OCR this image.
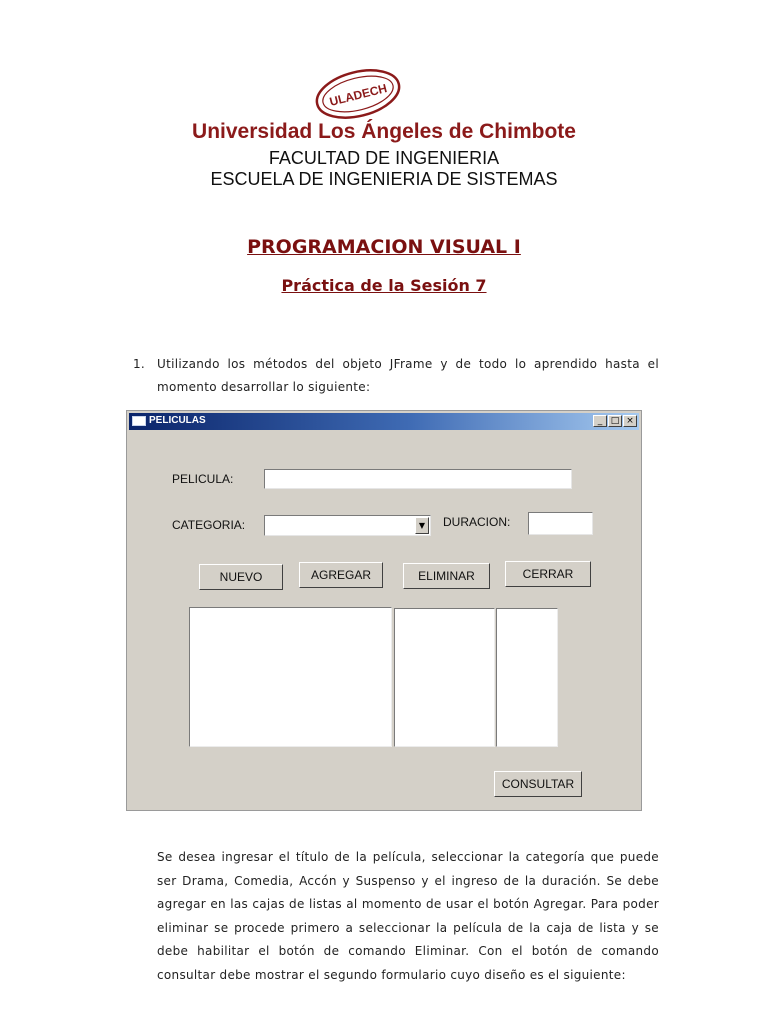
ULADECH
Universidad Los Ángeles de Chimbote
FACULTAD DE INGENIERIA
ESCUELA DE INGENIERIA DE SISTEMAS
PROGRAMACION VISUAL I
Práctica de la Sesión 7
1. Utilizando los métodos del objeto JFrame y de todo lo aprendido hasta el momento desarrollar lo siguiente:
PELICULAS	_ □ ×
PELICULA:
CATEGORIA:	▼	DURACION:
NUEVO	AGREGAR	ELIMINAR	CERRAR
CONSULTAR
Se desea ingresar el título de la película, seleccionar la categoría que puede ser Drama, Comedia, Accón y Suspenso y el ingreso de la duración. Se debe agregar en las cajas de listas al momento de usar el botón Agregar. Para poder eliminar se procede primero a seleccionar la película de la caja de lista y se debe habilitar el botón de comando Eliminar. Con el botón de comando consultar debe mostrar el segundo formulario cuyo diseño es el siguiente:
